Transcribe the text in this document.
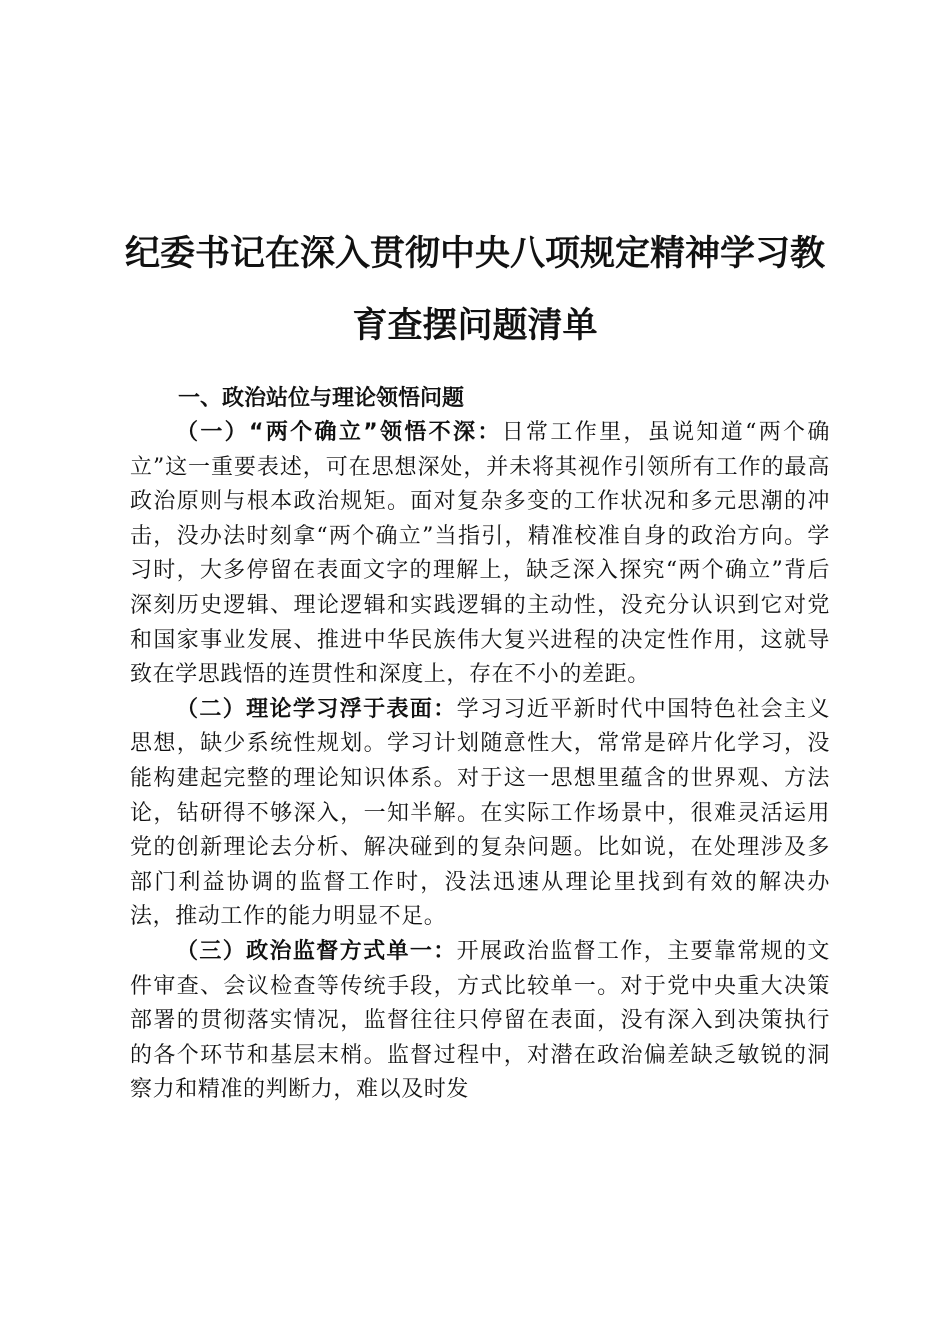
纪委书记在深入贯彻中央八项规定精神学习教
育查摆问题清单
一、政治站位与理论领悟问题

（一）“两个确立”领悟不深：日常工作里，虽说知道“两个确立”这一重要表述，可在思想深处，并未将其视作引领所有工作的最高政治原则与根本政治规矩。面对复杂多变的工作状况和多元思潮的冲击，没办法时刻拿“两个确立”当指引，精准校准自身的政治方向。学习时，大多停留在表面文字的理解上，缺乏深入探究“两个确立”背后深刻历史逻辑、理论逻辑和实践逻辑的主动性，没充分认识到它对党和国家事业发展、推进中华民族伟大复兴进程的决定性作用，这就导致在学思践悟的连贯性和深度上，存在不小的差距。

（二）理论学习浮于表面：学习习近平新时代中国特色社会主义思想，缺少系统性规划。学习计划随意性大，常常是碎片化学习，没能构建起完整的理论知识体系。对于这一思想里蕴含的世界观、方法论，钻研得不够深入，一知半解。在实际工作场景中，很难灵活运用党的创新理论去分析、解决碰到的复杂问题。比如说，在处理涉及多部门利益协调的监督工作时，没法迅速从理论里找到有效的解决办法，推动工作的能力明显不足。

（三）政治监督方式单一：开展政治监督工作，主要靠常规的文件审查、会议检查等传统手段，方式比较单一。对于党中央重大决策部署的贯彻落实情况，监督往往只停留在表面，没有深入到决策执行的各个环节和基层末梢。监督过程中，对潜在政治偏差缺乏敏锐的洞察力和精准的判断力，难以及时发
